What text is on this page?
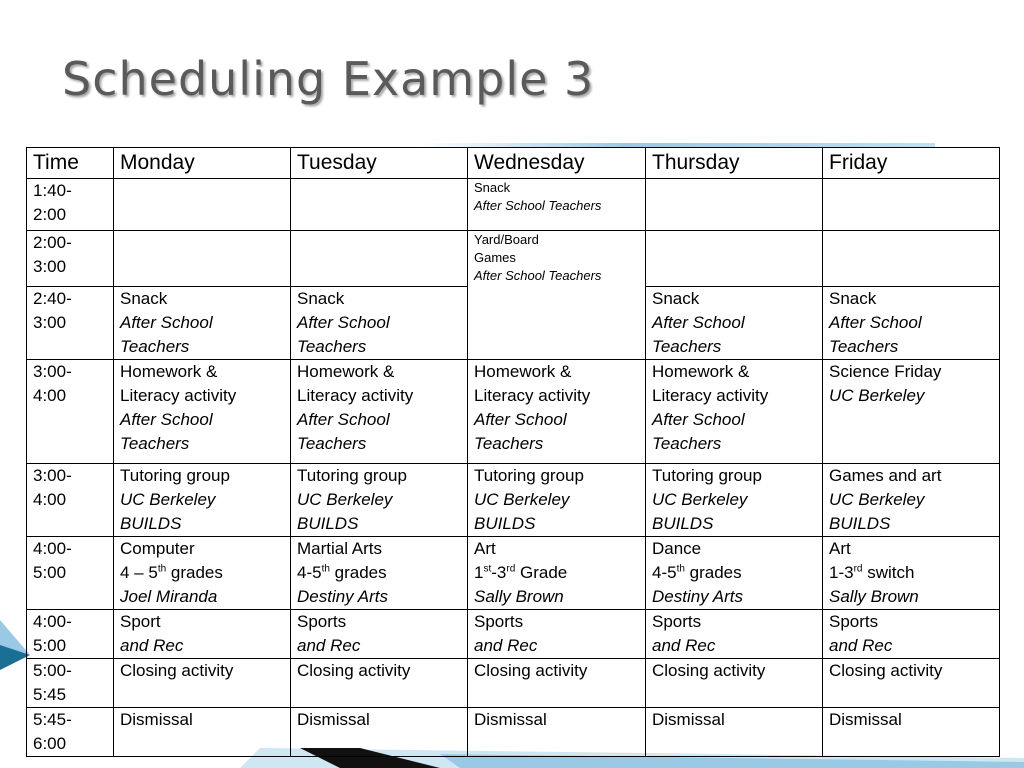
Scheduling Example 3
Time	Monday	Tuesday	Wednesday	Thursday	Friday

1:40-
2:00			Snack
After School Teachers		

2:00-
3:00			Yard/Board
Games
After School Teachers		

2:40-
3:00	Snack
After School
Teachers	Snack
After School
Teachers		Snack
After School
Teachers	Snack
After School
Teachers

3:00-
4:00	Homework &
Literacy activity
After School
Teachers	Homework &
Literacy activity
After School
Teachers	Homework &
Literacy activity
After School
Teachers	Homework &
Literacy activity
After School
Teachers	Science Friday
UC Berkeley

3:00-
4:00	Tutoring group
UC Berkeley
BUILDS	Tutoring group
UC Berkeley
BUILDS	Tutoring group
UC Berkeley
BUILDS	Tutoring group
UC Berkeley
BUILDS	Games and art
UC Berkeley
BUILDS

4:00-
5:00	Computer
4 – 5th grades
Joel Miranda	Martial Arts
4-5th grades
Destiny Arts	Art
1st-3rd Grade
Sally Brown	Dance
4-5th grades
Destiny Arts	Art
1-3rd switch
Sally Brown

4:00-
5:00	Sport
and Rec	Sports
and Rec	Sports
and Rec	Sports
and Rec	Sports
and Rec

5:00-
5:45	Closing activity	Closing activity	Closing activity	Closing activity	Closing activity

5:45-
6:00	Dismissal	Dismissal	Dismissal	Dismissal	Dismissal
